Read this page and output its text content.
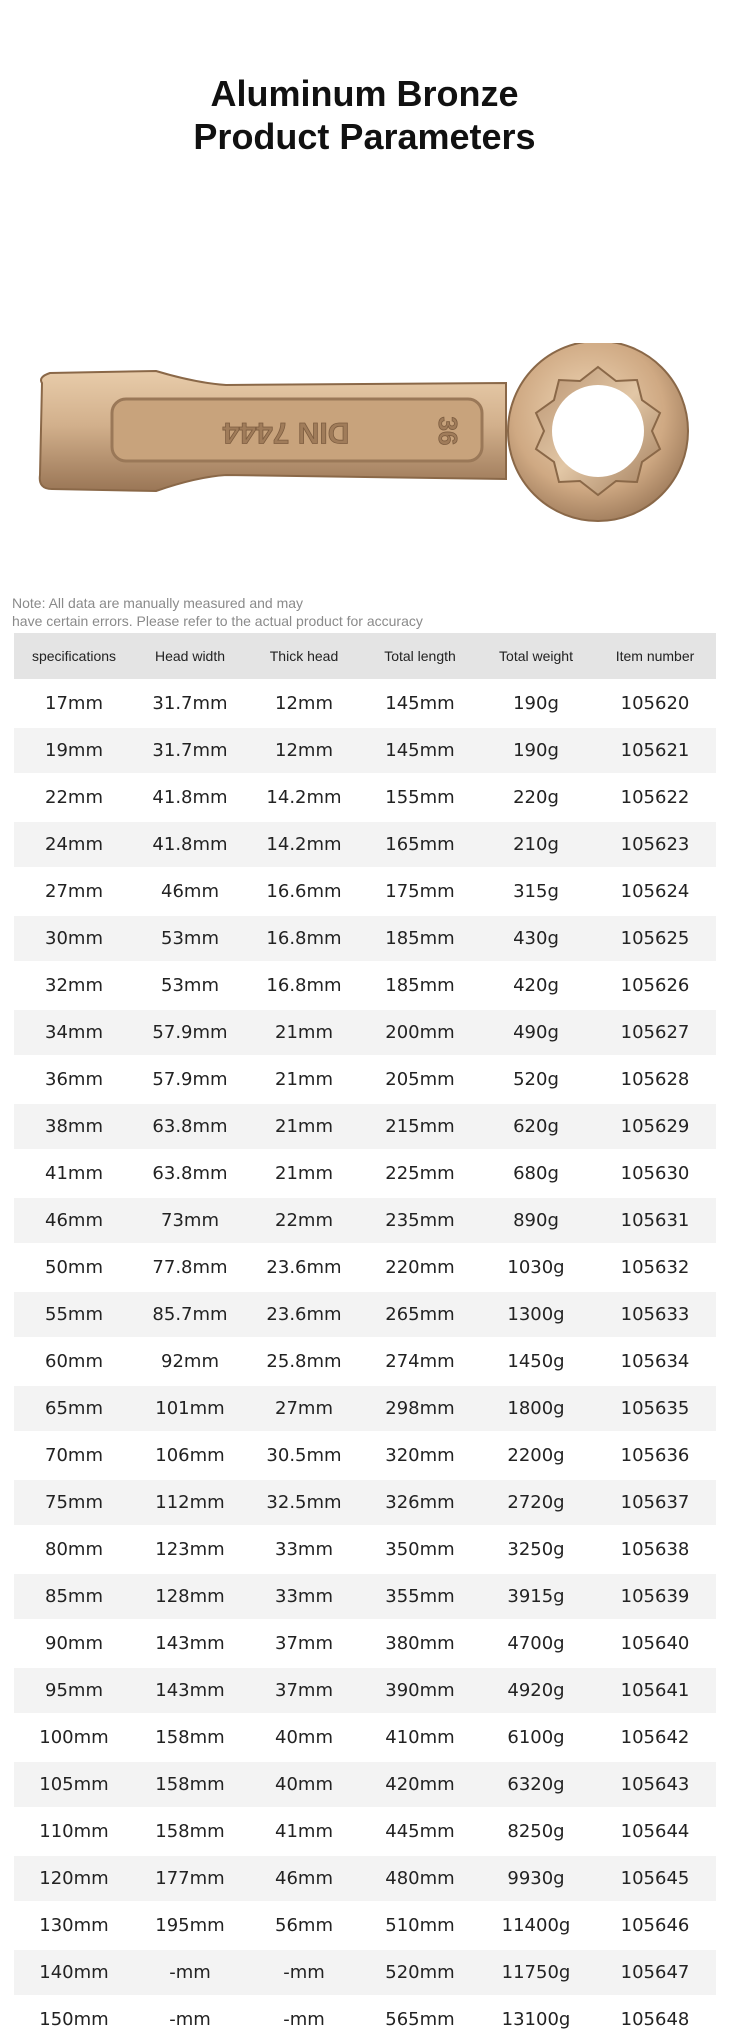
Aluminum Bronze
Product Parameters
DIN 7444	36
Note: All data are manually measured and may
have certain errors. Please refer to the actual product for accuracy
specifications	Head width	Thick head	Total length	Total weight	Item number
17mm	31.7mm	12mm	145mm	190g	105620
19mm	31.7mm	12mm	145mm	190g	105621
22mm	41.8mm	14.2mm	155mm	220g	105622
24mm	41.8mm	14.2mm	165mm	210g	105623
27mm	46mm	16.6mm	175mm	315g	105624
30mm	53mm	16.8mm	185mm	430g	105625
32mm	53mm	16.8mm	185mm	420g	105626
34mm	57.9mm	21mm	200mm	490g	105627
36mm	57.9mm	21mm	205mm	520g	105628
38mm	63.8mm	21mm	215mm	620g	105629
41mm	63.8mm	21mm	225mm	680g	105630
46mm	73mm	22mm	235mm	890g	105631
50mm	77.8mm	23.6mm	220mm	1030g	105632
55mm	85.7mm	23.6mm	265mm	1300g	105633
60mm	92mm	25.8mm	274mm	1450g	105634
65mm	101mm	27mm	298mm	1800g	105635
70mm	106mm	30.5mm	320mm	2200g	105636
75mm	112mm	32.5mm	326mm	2720g	105637
80mm	123mm	33mm	350mm	3250g	105638
85mm	128mm	33mm	355mm	3915g	105639
90mm	143mm	37mm	380mm	4700g	105640
95mm	143mm	37mm	390mm	4920g	105641
100mm	158mm	40mm	410mm	6100g	105642
105mm	158mm	40mm	420mm	6320g	105643
110mm	158mm	41mm	445mm	8250g	105644
120mm	177mm	46mm	480mm	9930g	105645
130mm	195mm	56mm	510mm	11400g	105646
140mm	-mm	-mm	520mm	11750g	105647
150mm	-mm	-mm	565mm	13100g	105648
